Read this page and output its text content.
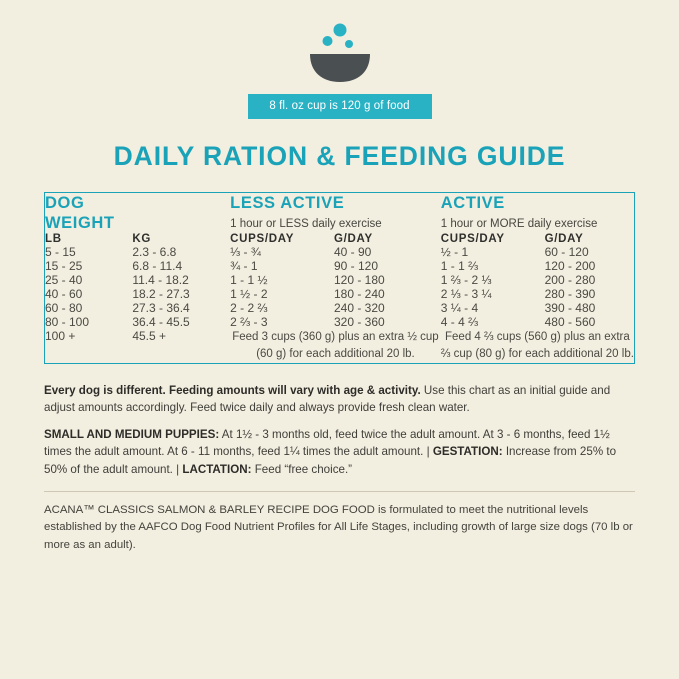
8 fl. oz cup is 120 g of food
DAILY RATION & FEEDING GUIDE
DOG
WEIGHT

LESS ACTIVE
1 hour or LESS daily exercise

ACTIVE
1 hour or MORE daily exercise

LB	KG	CUPS/DAY	G/DAY	CUPS/DAY	G/DAY
5 - 15	2.3 - 6.8	⅓ - ¾	40 - 90	½ - 1	60 - 120
15 - 25	6.8 - 11.4	¾ - 1	90 - 120	1 - 1 ⅔	120 - 200
25 - 40	11.4 - 18.2	1 - 1 ½	120 - 180	1 ⅔ - 2 ⅓	200 - 280
40 - 60	18.2 - 27.3	1 ½ - 2	180 - 240	2 ⅓ - 3 ¼	280 - 390
60 - 80	27.3 - 36.4	2 - 2 ⅔	240 - 320	3 ¼ - 4	390 - 480
80 - 100	36.4 - 45.5	2 ⅔ - 3	320 - 360	4 - 4 ⅔	480 - 560
100 +	45.5 +	Feed 3 cups (360 g) plus an extra ½ cup (60 g) for each additional 20 lb.		Feed 4 ⅔ cups (560 g) plus an extra ⅔ cup (80 g) for each additional 20 lb.	

Every dog is different. Feeding amounts will vary with age & activity. Use this chart as an initial guide and adjust amounts accordingly. Feed twice daily and always provide fresh clean water.

SMALL AND MEDIUM PUPPIES: At 1½ - 3 months old, feed twice the adult amount. At 3 - 6 months, feed 1½ times the adult amount. At 6 - 11 months, feed 1¼ times the adult amount. | GESTATION: Increase from 25% to 50% of the adult amount. | LACTATION: Feed “free choice.”

ACANA™ CLASSICS SALMON & BARLEY RECIPE DOG FOOD is formulated to meet the nutritional levels established by the AAFCO Dog Food Nutrient Profiles for All Life Stages, including growth of large size dogs (70 lb or more as an adult).
